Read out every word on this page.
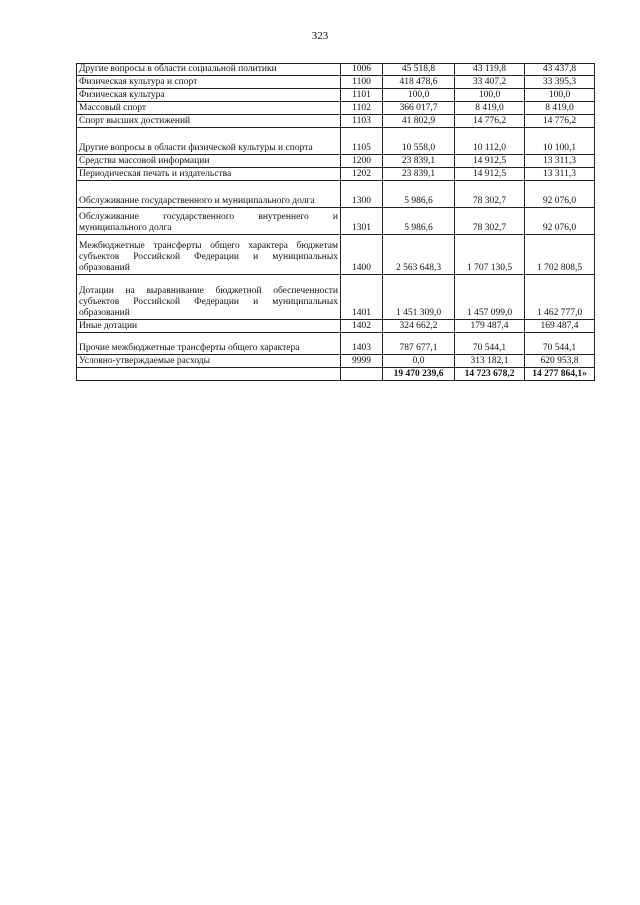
323
Другие вопросы в области социальной политики	1006	45 518,8	43 119,8	43 437,8
Физическая культура и спорт	1100	418 478,6	33 407,2	33 395,3
Физическая культура	1101	100,0	100,0	100,0
Массовый спорт	1102	366 017,7	8 419,0	8 419,0
Спорт высших достижений	1103	41 802,9	14 776,2	14 776,2
Другие вопросы в области физической культуры и спорта	1105	10 558,0	10 112,0	10 100,1
Средства массовой информации	1200	23 839,1	14 912,5	13 311,3
Периодическая печать и издательства	1202	23 839,1	14 912,5	13 311,3
Обслуживание государственного и муниципального долга	1300	5 986,6	78 302,7	92 076,0
Обслуживание государственного внутреннего и муниципального долга	1301	5 986,6	78 302,7	92 076,0
Межбюджетные трансферты общего характера бюджетам субъектов Российской Федерации и муниципальных образований	1400	2 563 648,3	1 707 130,5	1 702 808,5
Дотации на выравнивание бюджетной обеспеченности субъектов Российской Федерации и муниципальных образований	1401	1 451 309,0	1 457 099,0	1 462 777,0
Иные дотации	1402	324 662,2	179 487,4	169 487,4
Прочие межбюджетные трансферты общего характера	1403	787 677,1	70 544,1	70 544,1
Условно-утверждаемые расходы	9999	0,0	313 182,1	620 953,8
		19 470 239,6	14 723 678,2	14 277 864,1»
